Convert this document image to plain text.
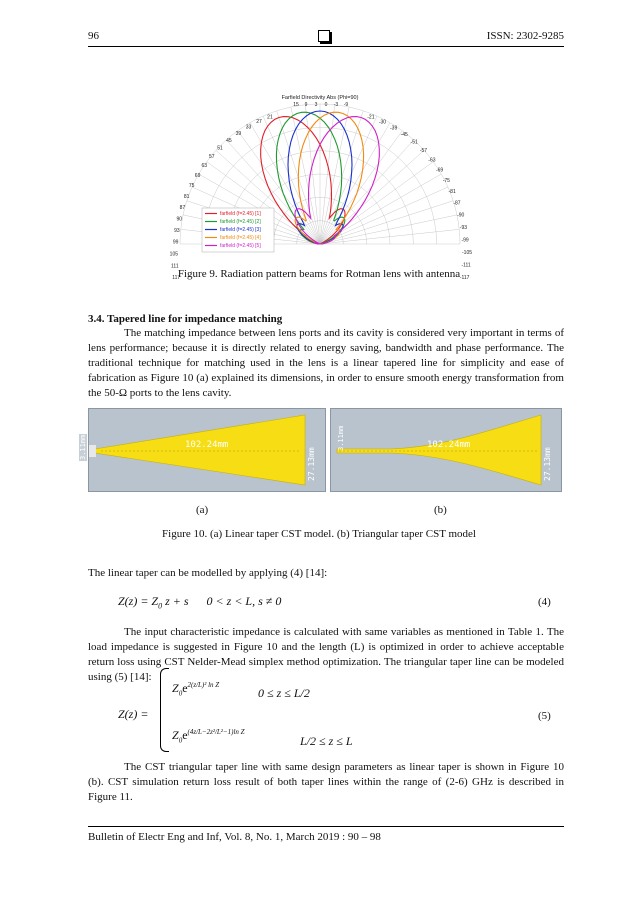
96	ISSN: 2302-9285
Farfield Directivity Abs (Phi=90)
15 9 3 0 -3 -9
21
27
33
39
45
51
57
63
69
75
81
87
90
93
99
105
111
117
-21
-30
-39
-45
-51
-57
-63
-69
-75
-81
-87
-90
-93
-99
-105
-111
-117
farfield (f=2.45) [1]
farfield (f=2.45) [2]
farfield (f=2.45) [3]
farfield (f=2.45) [4]
farfield (f=2.45) [5]
Figure 9. Radiation pattern beams for Rotman lens with antenna
3.4. Tapered line for impedance matching
The matching impedance between lens ports and its cavity is considered very important in terms of lens performance; because it is directly related to energy saving, bandwidth and phase performance. The traditional technique for matching used in the lens is a linear tapered line for simplicity and ease of fabrication as Figure 10 (a) explained its dimensions, in order to ensure smooth energy transformation from the 50-Ω ports to the lens cavity.
102.24mm
3.11mm	27.13mm
102.24mm
3.11mm
27.13mm
(a)	(b)
Figure 10. (a) Linear taper CST model. (b) Triangular taper CST model
The linear taper can be modelled by applying (4) [14]:
$Z(z) = Z_0$ z + s      0 < z < L, s ≠ 0	(4)
The input characteristic impedance is calculated with same variables as mentioned in Table 1. The load impedance is suggested in Figure 10 and the length (L) is optimized in order to achieve acceptable return loss using CST Nelder-Mead simplex method optimization. The triangular taper line can be modeled using (5) [14]:
Z(z) =
$Z_0e^{2(z/L)^2 ln Z}$
0 ≤ z ≤ L/2
$Z_0e^{(4z/L-2z^2/L^2-1)ln Z}$
L/2 ≤ z ≤ L
(5)
The CST triangular taper line with same design parameters as linear taper is shown in Figure 10 (b). CST simulation return loss result of both taper lines within the range of (2-6) GHz is described in Figure 11.
Bulletin of Electr Eng and Inf, Vol. 8, No. 1, March 2019 : 90 – 98
